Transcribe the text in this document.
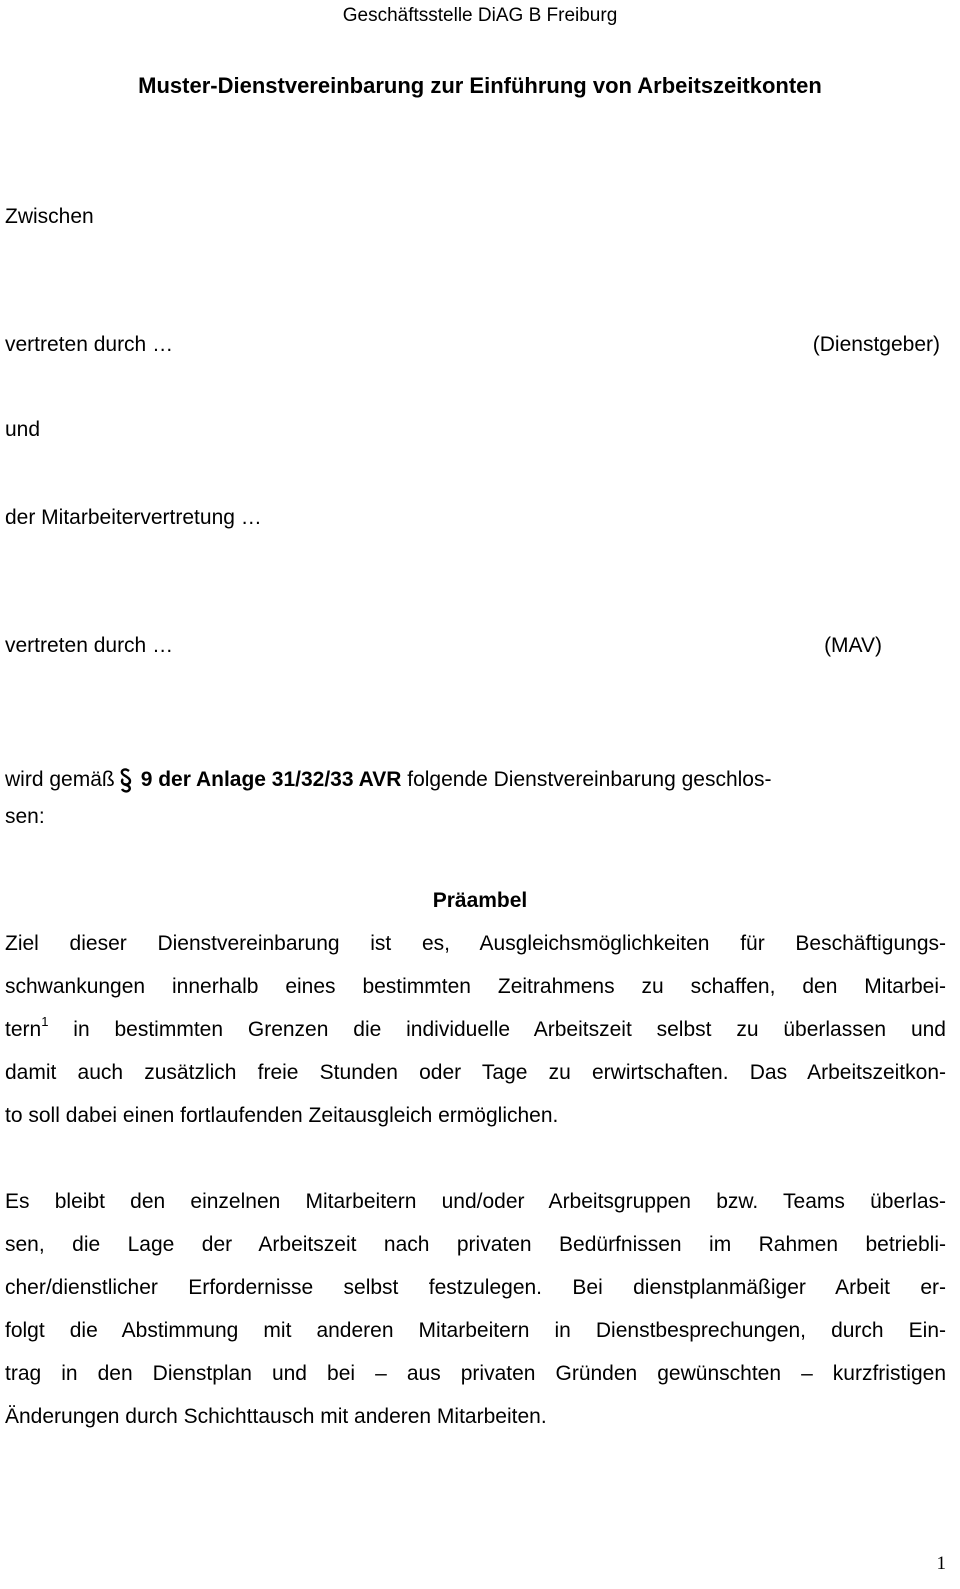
Geschäftsstelle DiAG B Freiburg
Muster-Dienstvereinbarung zur Einführung von Arbeitszeitkonten
Zwischen
vertreten durch …	(Dienstgeber)
und
der Mitarbeitervertretung …
vertreten durch …	(MAV)
wird gemäß 9 der Anlage 31/32/33 AVR folgende Dienstvereinbarung geschlos-
sen:
Präambel
Ziel dieser Dienstvereinbarung ist es, Ausgleichsmöglichkeiten für Beschäftigungs-
schwankungen innerhalb eines bestimmten Zeitrahmens zu schaffen, den Mitarbei-
tern$^1$ in bestimmten Grenzen die individuelle Arbeitszeit selbst zu überlassen und
damit auch zusätzlich freie Stunden oder Tage zu erwirtschaften. Das Arbeitszeitkon-
to soll dabei einen fortlaufenden Zeitausgleich ermöglichen.
Es bleibt den einzelnen Mitarbeitern und/oder Arbeitsgruppen bzw. Teams überlas-
sen, die Lage der Arbeitszeit nach privaten Bedürfnissen im Rahmen betriebli-
cher/dienstlicher Erfordernisse selbst festzulegen. Bei dienstplanmäßiger Arbeit er-
folgt die Abstimmung mit anderen Mitarbeitern in Dienstbesprechungen, durch Ein-
trag in den Dienstplan und bei – aus privaten Gründen gewünschten – kurzfristigen
Änderungen durch Schichttausch mit anderen Mitarbeiten.
1
